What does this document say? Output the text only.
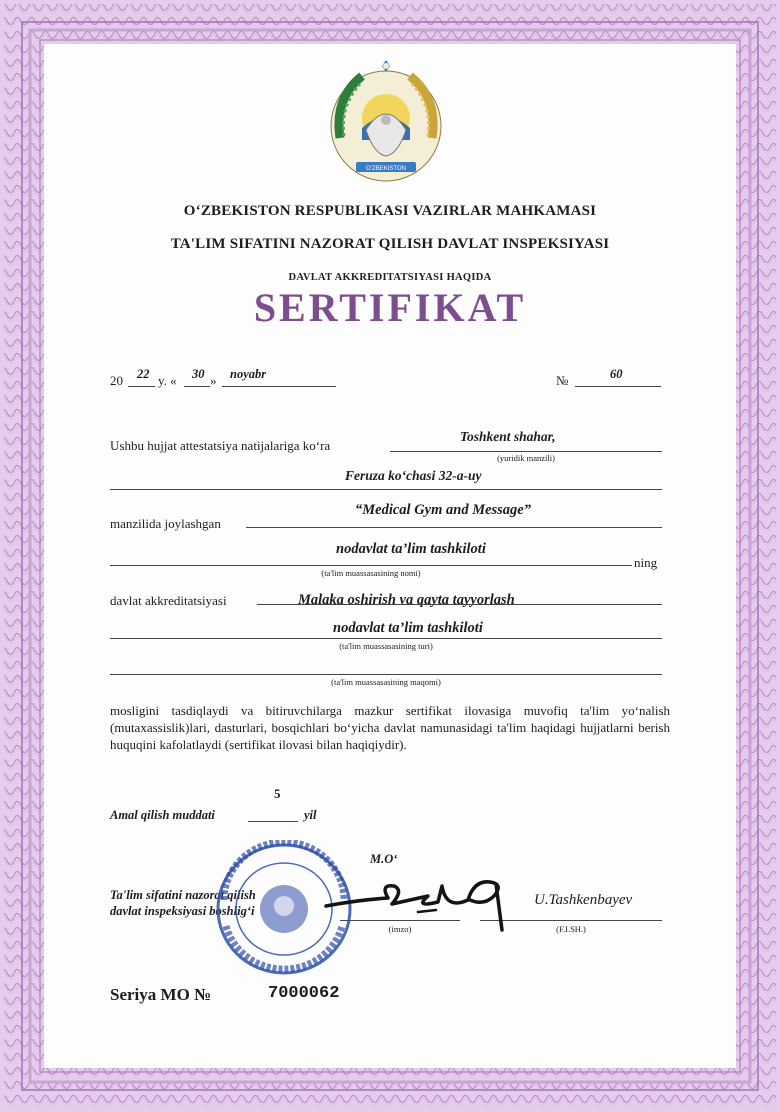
O‘ZBEKISTON
O‘ZBEKISTON RESPUBLIKASI VAZIRLAR MAHKAMASI
TA'LIM SIFATINI NAZORAT QILISH DAVLAT INSPEKSIYASI
DAVLAT AKKREDITATSIYASI HAQIDA
SERTIFIKAT
20 22 y. « 30 » noyabr	№	60
Ushbu hujjat attestatsiya natijalariga ko‘ra
Toshkent shahar,
(yuridik manzili)
Feruza ko‘chasi 32-a-uy
manzilida joylashgan
“Medical Gym and Message”
nodavlat ta’lim tashkiloti
ning
(ta'lim muassasasining nomi)
davlat akkreditatsiyasi	Malaka oshirish va qayta tayyorlash
nodavlat ta’lim tashkiloti
(ta'lim muassasasining turi)
(ta'lim muassasasining maqomi)
mosligini tasdiqlaydi va bitiruvchilarga mazkur sertifikat ilovasiga muvofiq ta'lim yo‘nalish (mutaxassislik)lari, dasturlari, bosqichlari bo‘yicha davlat namunasidagi ta'lim haqidagi hujjatlarni berish huquqini kafolatlaydi (sertifikat ilovasi bilan haqiqiydir).
5
Amal qilish muddati	yil
M.O‘
Ta'lim sifatini nazorat qilish
davlat inspeksiyasi boshlig‘i
(imzo)
U.Tashkenbayev
(F.I.SH.)
Seriya MO №	7000062
